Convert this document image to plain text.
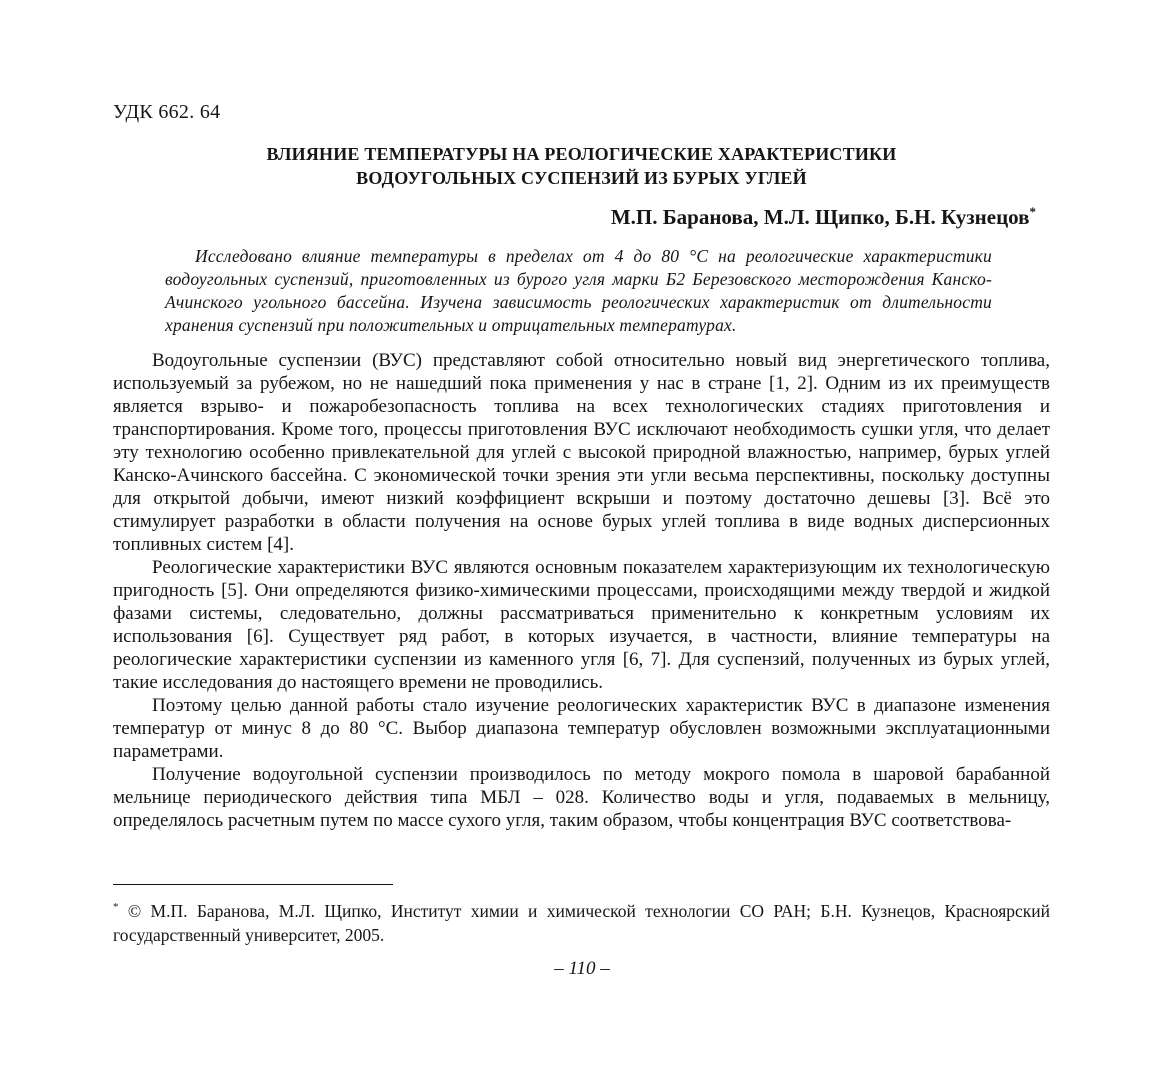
УДК 662. 64
ВЛИЯНИЕ ТЕМПЕРАТУРЫ НА РЕОЛОГИЧЕСКИЕ ХАРАКТЕРИСТИКИ
ВОДОУГОЛЬНЫХ СУСПЕНЗИЙ ИЗ БУРЫХ УГЛЕЙ
М.П. Баранова, М.Л. Щипко, Б.Н. Кузнецов*
Исследовано влияние температуры в пределах от 4 до 80 °С на реологические характеристики водоугольных суспензий, приготовленных из бурого угля марки Б2 Березовского месторождения Канско-Ачинского угольного бассейна. Изучена зависимость реологических характеристик от длительности хранения суспензий при положительных и отрицательных температурах.

Водоугольные суспензии (ВУС) представляют собой относительно новый вид энергетического топлива, используемый за рубежом, но не нашедший пока применения у нас в стране [1, 2]. Одним из их преимуществ является взрыво- и пожаробезопасность топлива на всех технологических стадиях приготовления и транспортирования. Кроме того, процессы приготовления ВУС исключают необходимость сушки угля, что делает эту технологию особенно привлекательной для углей с высокой природной влажностью, например, бурых углей Канско-Ачинского бассейна. С экономической точки зрения эти угли весьма перспективны, поскольку доступны для открытой добычи, имеют низкий коэффициент вскрыши и поэтому достаточно дешевы [3]. Всё это стимулирует разработки в области получения на основе бурых углей топлива в виде водных дисперсионных топливных систем [4].

Реологические характеристики ВУС являются основным показателем характеризующим их технологическую пригодность [5]. Они определяются физико-химическими процессами, происходящими между твердой и жидкой фазами системы, следовательно, должны рассматриваться применительно к конкретным условиям их использования [6]. Существует ряд работ, в которых изучается, в частности, влияние температуры на реологические характеристики суспензии из каменного угля [6, 7]. Для суспензий, полученных из бурых углей, такие исследования до настоящего времени не проводились.

Поэтому целью данной работы стало изучение реологических характеристик ВУС в диапазоне изменения температур от минус 8 до 80 °С. Выбор диапазона температур обусловлен возможными эксплуатационными параметрами.

Получение водоугольной суспензии производилось по методу мокрого помола в шаровой барабанной мельнице периодического действия типа МБЛ – 028. Количество воды и угля, подаваемых в мельницу, определялось расчетным путем по массе сухого угля, таким образом, чтобы концентрация ВУС соответствова-

* © М.П. Баранова, М.Л. Щипко, Институт химии и химической технологии СО РАН; Б.Н. Кузнецов, Красноярский государственный университет, 2005.
– 110 –
